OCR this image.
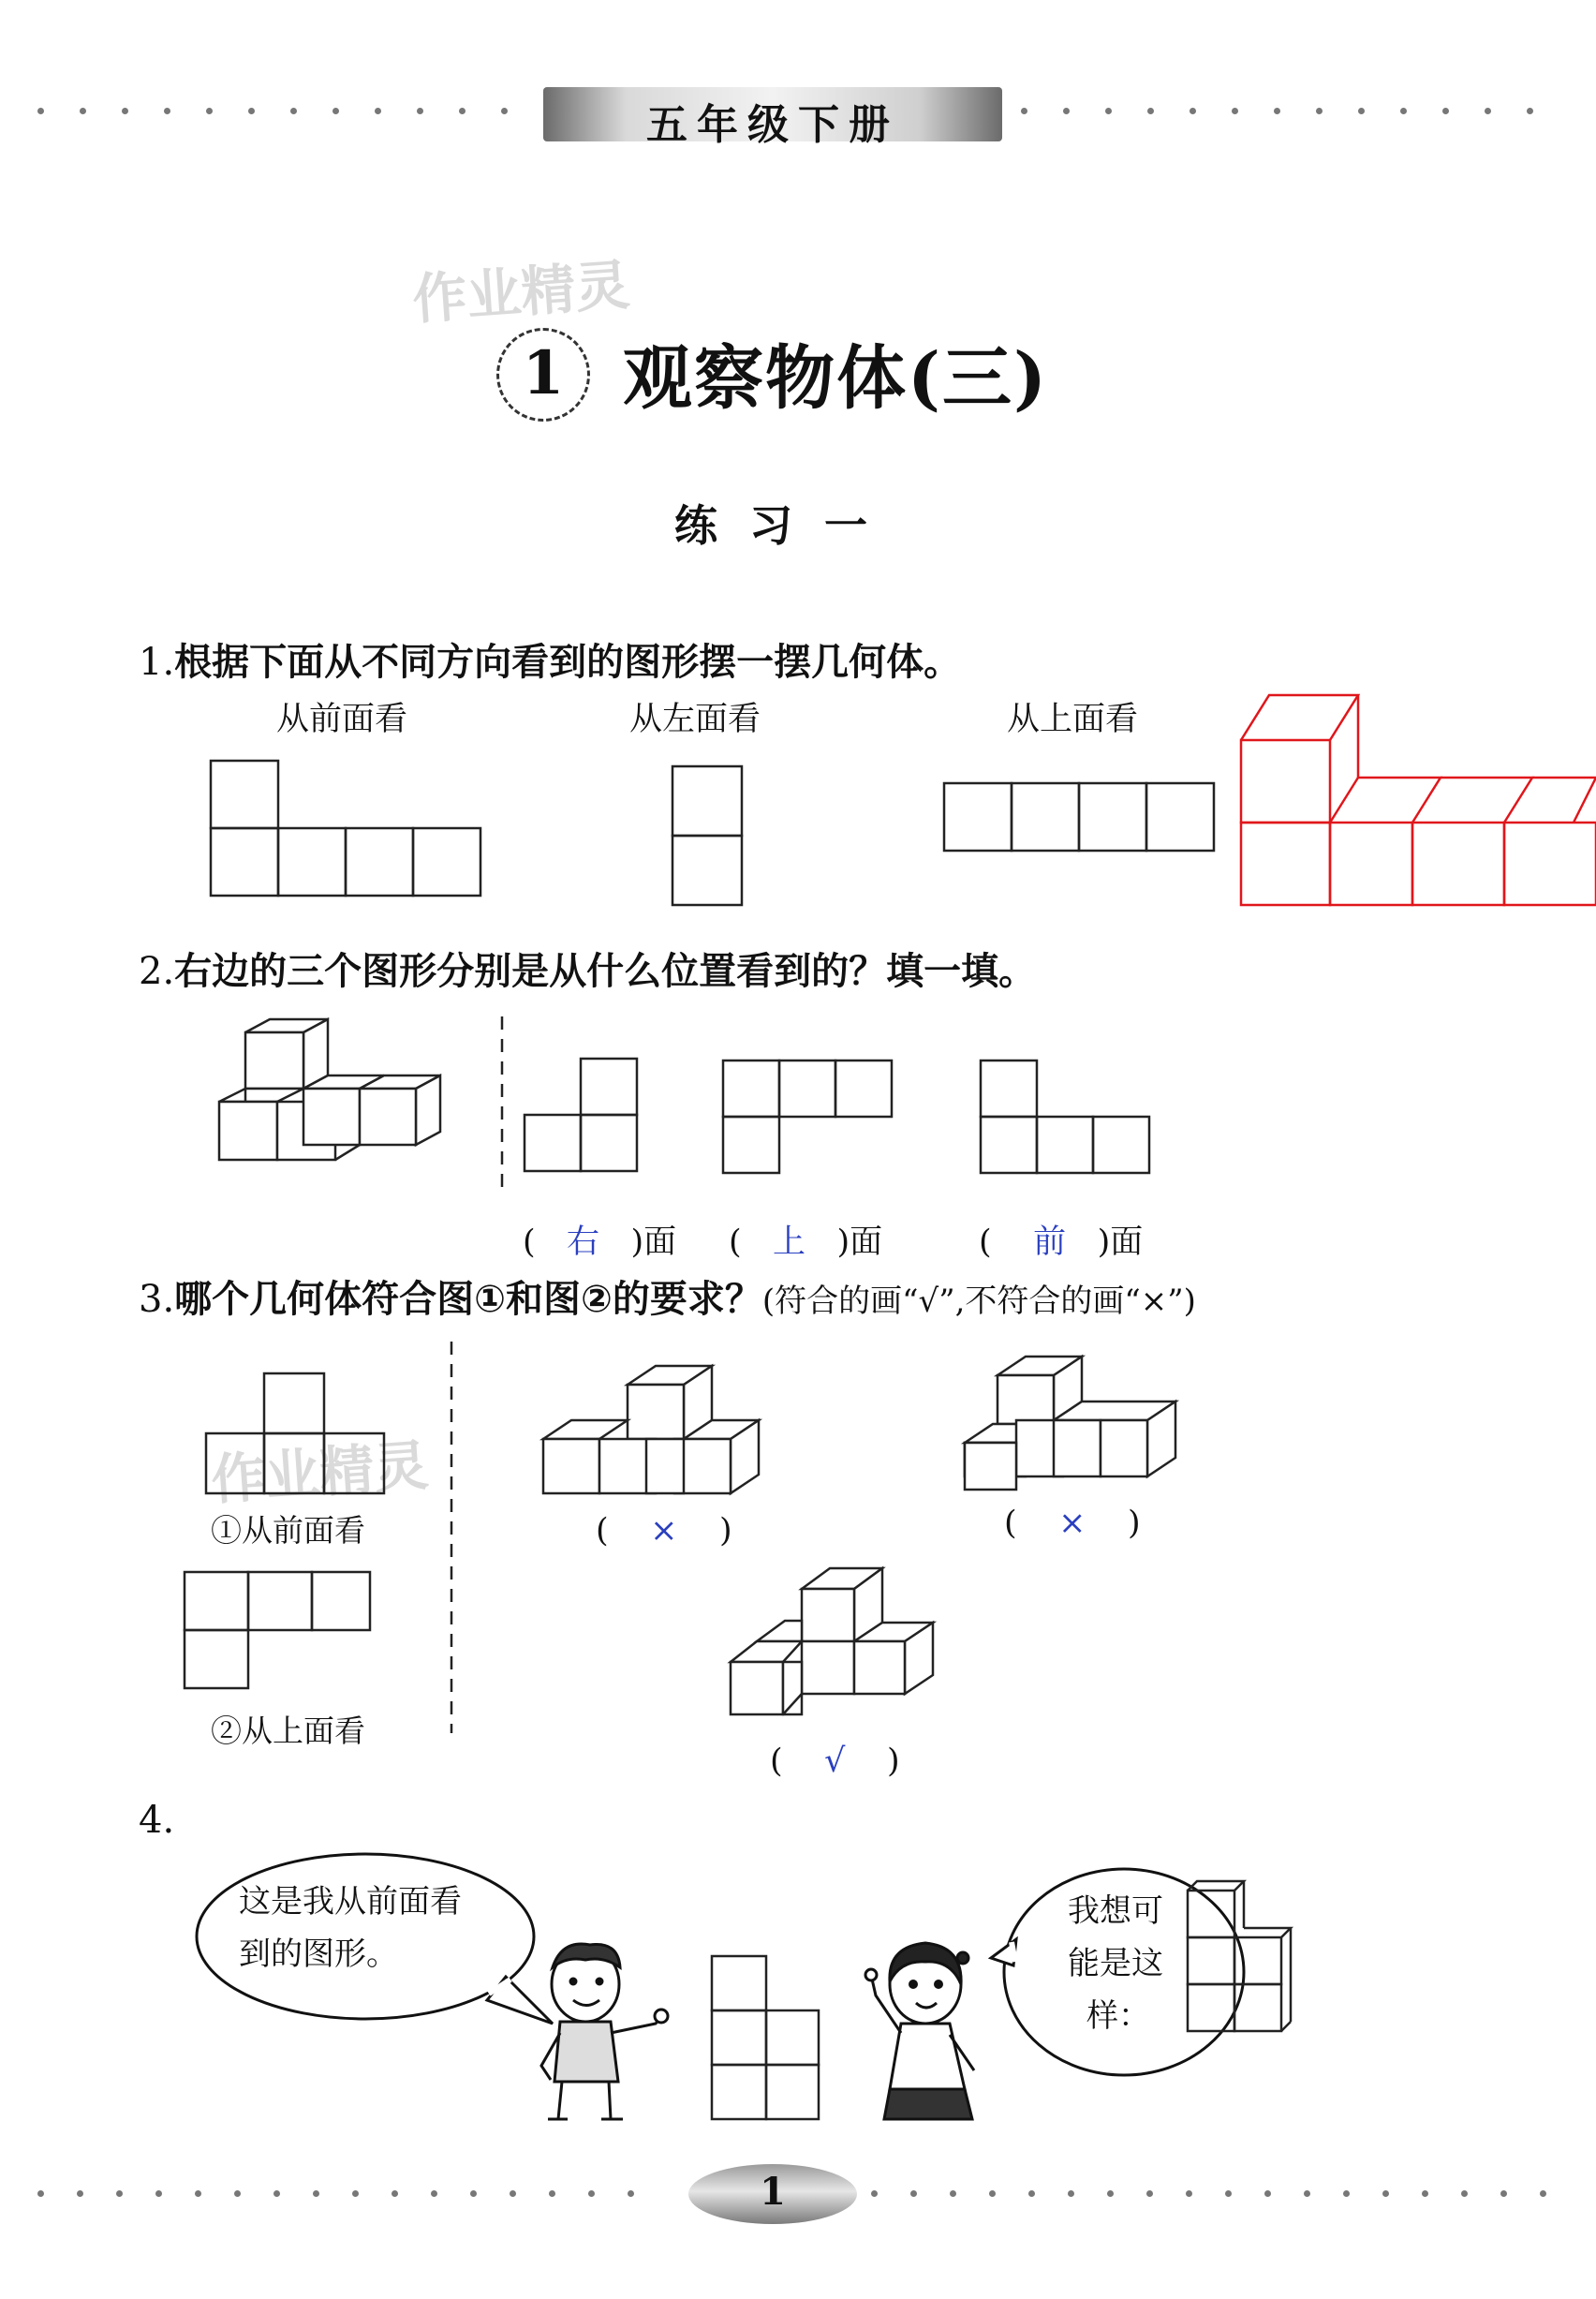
五年级下册
作业精灵
作业精灵
1 观察物体(三)
练习一
1.根据下面从不同方向看到的图形摆一摆几何体。
从前面看	从左面看	从上面看
2.右边的三个图形分别是从什么位置看到的？填一填。
( 右 )面 ( 上 )面	( 前 )面
3.哪个几何体符合图①和图②的要求？(符合的画“√”,不符合的画“×”)
①从前面看
②从上面看
( × )	( × )
( √ )
4.
这是我从前面看
到的图形。
我想可
能是这
样：
1
